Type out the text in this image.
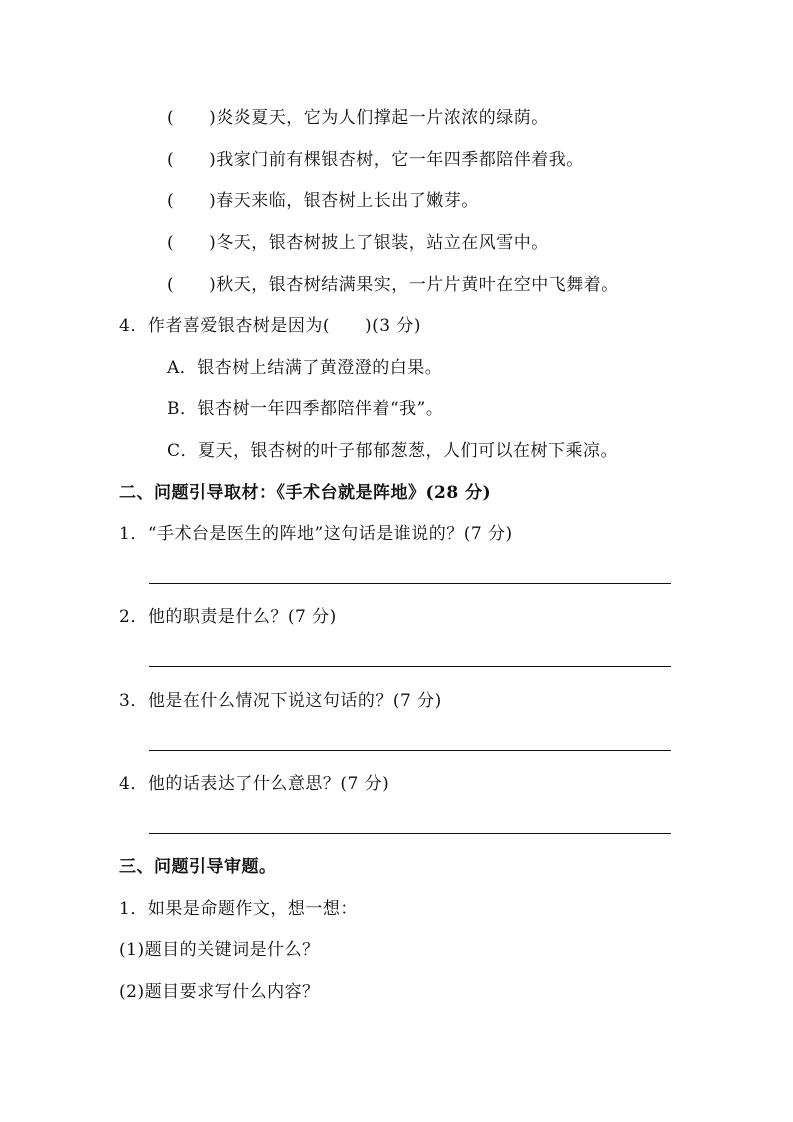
(　　)炎炎夏天，它为人们撑起一片浓浓的绿荫。
(　　)我家门前有棵银杏树，它一年四季都陪伴着我。
(　　)春天来临，银杏树上长出了嫩芽。
(　　)冬天，银杏树披上了银装，站立在风雪中。
(　　)秋天，银杏树结满果实，一片片黄叶在空中飞舞着。
4．作者喜爱银杏树是因为(　　)(3 分)
A．银杏树上结满了黄澄澄的白果。
B．银杏树一年四季都陪伴着“我”。
C．夏天，银杏树的叶子郁郁葱葱，人们可以在树下乘凉。
二、问题引导取材：《手术台就是阵地》(28 分)
1．“手术台是医生的阵地”这句话是谁说的？(7 分)
2．他的职责是什么？(7 分)
3．他是在什么情况下说这句话的？(7 分)
4．他的话表达了什么意思？(7 分)
三、问题引导审题。
1．如果是命题作文，想一想：
(1)题目的关键词是什么？
(2)题目要求写什么内容？
